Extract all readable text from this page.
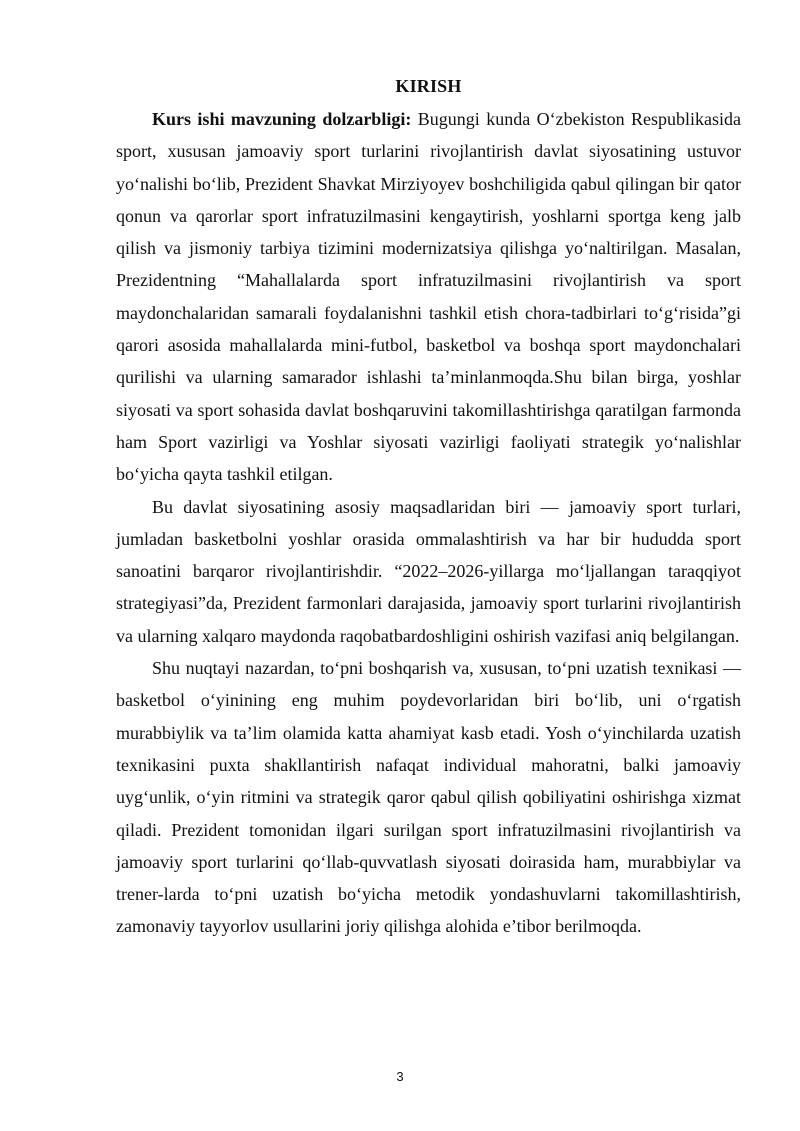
KIRISH

Kurs ishi mavzuning dolzarbligi: Bugungi kunda O‘zbekiston Respublikasida sport, xususan jamoaviy sport turlarini rivojlantirish davlat siyosatining ustuvor yo‘nalishi bo‘lib, Prezident Shavkat Mirziyoyev boshchiligida qabul qilingan bir qator qonun va qarorlar sport infratuzilmasini kengaytirish, yoshlarni sportga keng jalb qilish va jismoniy tarbiya tizimini modernizatsiya qilishga yo‘naltirilgan. Masalan, Prezidentning “Mahallalarda sport infratuzilmasini rivojlantirish va sport maydonchalaridan samarali foydalanishni tashkil etish chora-tadbirlari to‘g‘risida”gi qarori asosida mahallalarda mini-futbol, basketbol va boshqa sport maydonchalari qurilishi va ularning samarador ishlashi ta’minlanmoqda.Shu bilan birga, yoshlar siyosati va sport sohasida davlat boshqaruvini takomillashtirishga qaratilgan farmonda ham Sport vazirligi va Yoshlar siyosati vazirligi faoliyati strategik yo‘nalishlar bo‘yicha qayta tashkil etilgan.

Bu davlat siyosatining asosiy maqsadlaridan biri — jamoaviy sport turlari, jumladan basketbolni yoshlar orasida ommalashtirish va har bir hududda sport sanoatini barqaror rivojlantirishdir. “2022–2026-yillarga mo‘ljallangan taraqqiyot strategiyasi”da, Prezident farmonlari darajasida, jamoaviy sport turlarini rivojlantirish va ularning xalqaro maydonda raqobatbardoshligini oshirish vazifasi aniq belgilangan.

Shu nuqtayi nazardan, to‘pni boshqarish va, xususan, to‘pni uzatish texnikasi — basketbol o‘yinining eng muhim poydevorlaridan biri bo‘lib, uni o‘rgatish murabbiylik va ta’lim olamida katta ahamiyat kasb etadi. Yosh o‘yinchilarda uzatish texnikasini puxta shakllantirish nafaqat individual mahoratni, balki jamoaviy uyg‘unlik, o‘yin ritmini va strategik qaror qabul qilish qobiliyatini oshirishga xizmat qiladi. Prezident tomonidan ilgari surilgan sport infratuzilmasini rivojlantirish va jamoaviy sport turlarini qo‘llab-quvvatlash siyosati doirasida ham, murabbiylar va trener-larda to‘pni uzatish bo‘yicha metodik yondashuvlarni takomillashtirish, zamonaviy tayyorlov usullarini joriy qilishga alohida e’tibor berilmoqda.

3
